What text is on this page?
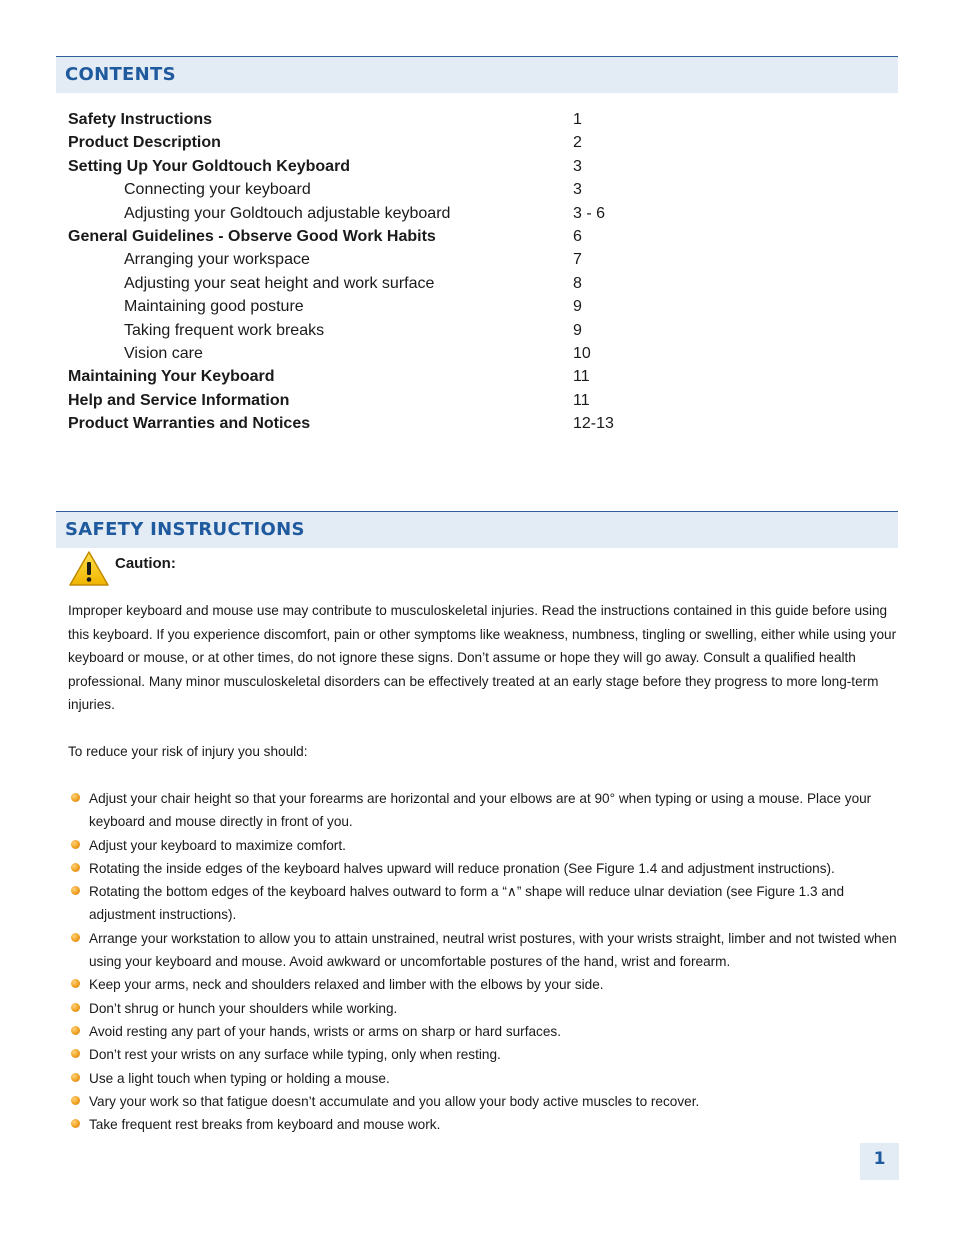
CONTENTS
Safety Instructions	1
Product Description	2
Setting Up Your Goldtouch Keyboard	3
Connecting your keyboard	3
Adjusting your Goldtouch adjustable keyboard	3 - 6
General Guidelines - Observe Good Work Habits	6
Arranging your workspace	7
Adjusting your seat height and work surface	8
Maintaining good posture	9
Taking frequent work breaks	9
Vision care	10
Maintaining Your Keyboard	11
Help and Service Information	11
Product Warranties and Notices	12-13
SAFETY INSTRUCTIONS
Caution:

Improper keyboard and mouse use may contribute to musculoskeletal injuries. Read the instructions contained in this guide before using this keyboard. If you experience discomfort, pain or other symptoms like weakness, numbness, tingling or swelling, either while using your keyboard or mouse, or at other times, do not ignore these signs. Don’t assume or hope they will go away. Consult a qualified health professional. Many minor musculoskeletal disorders can be effectively treated at an early stage before they progress to more long-term injuries.

To reduce your risk of injury you should:

Adjust your chair height so that your forearms are horizontal and your elbows are at 90° when typing or using a mouse. Place your keyboard and mouse directly in front of you.
Adjust your keyboard to maximize comfort.
Rotating the inside edges of the keyboard halves upward will reduce pronation (See Figure 1.4 and adjustment instructions).
Rotating the bottom edges of the keyboard halves outward to form a “∧” shape will reduce ulnar deviation (see Figure 1.3 and adjustment instructions).
Arrange your workstation to allow you to attain unstrained, neutral wrist postures, with your wrists straight, limber and not twisted when using your keyboard and mouse. Avoid awkward or uncomfortable postures of the hand, wrist and forearm.
Keep your arms, neck and shoulders relaxed and limber with the elbows by your side.
Don’t shrug or hunch your shoulders while working.
Avoid resting any part of your hands, wrists or arms on sharp or hard surfaces.
Don’t rest your wrists on any surface while typing, only when resting.
Use a light touch when typing or holding a mouse.
Vary your work so that fatigue doesn’t accumulate and you allow your body active muscles to recover.
Take frequent rest breaks from keyboard and mouse work.
1
